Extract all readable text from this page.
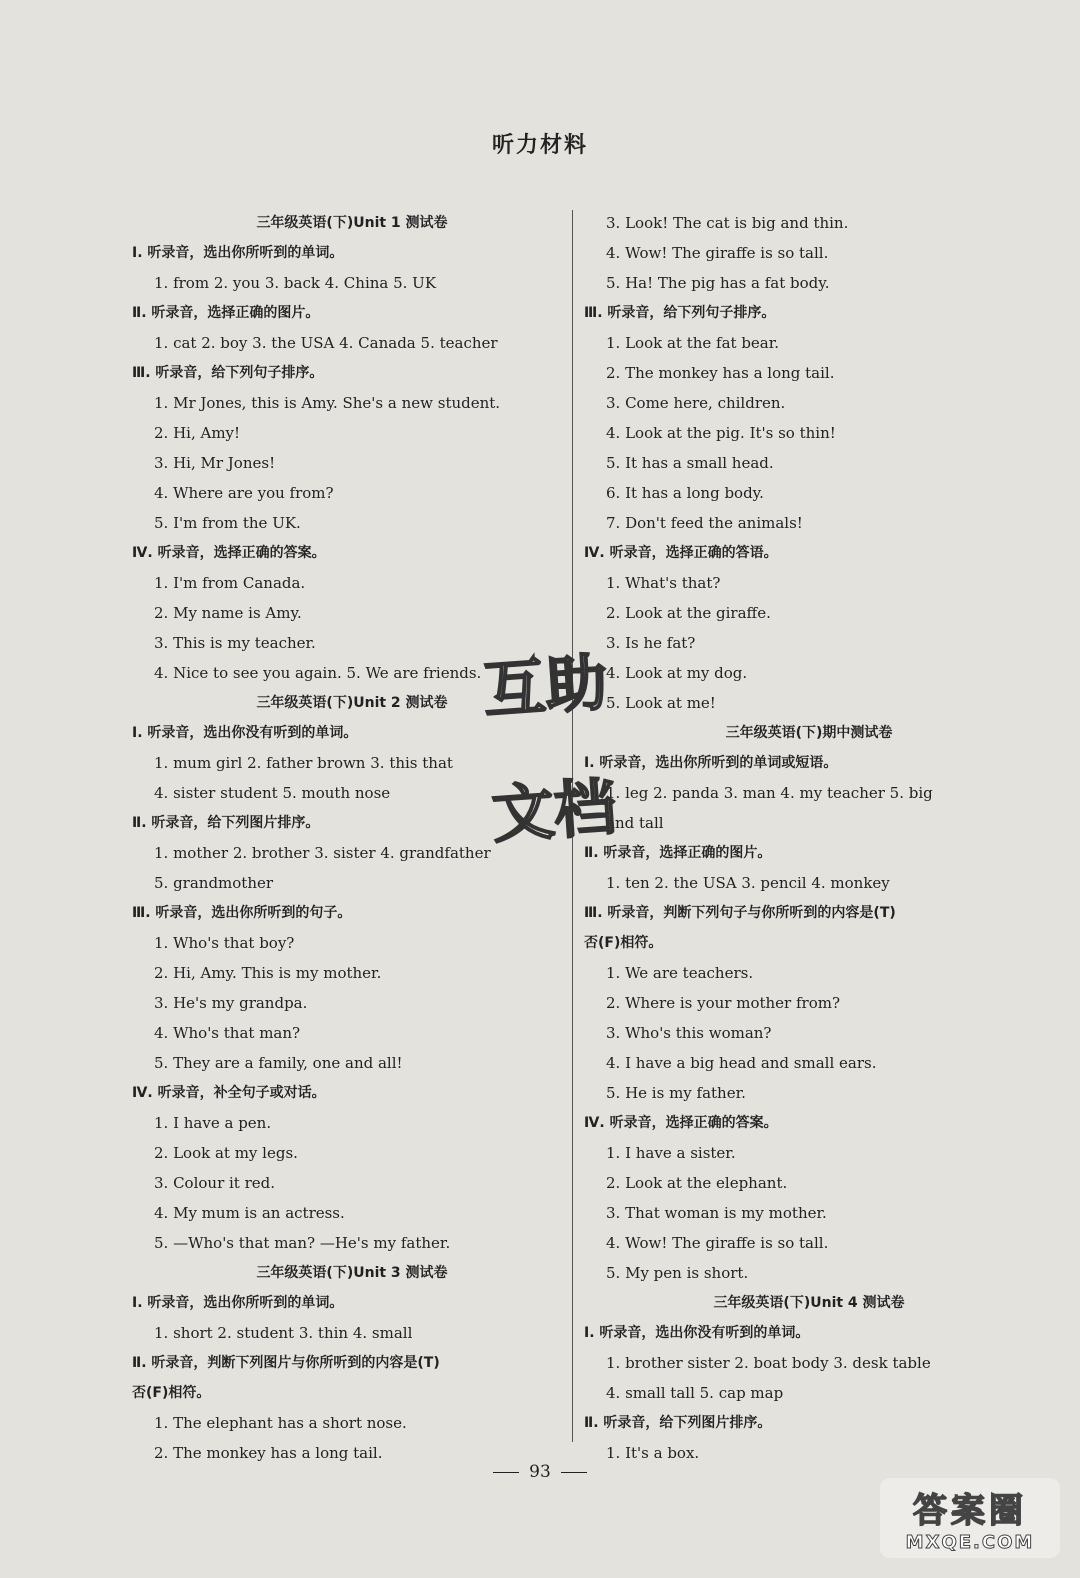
听力材料
三年级英语(下)Unit 1 测试卷
Ⅰ. 听录音，选出你所听到的单词。
1. from 2. you 3. back 4. China 5. UK
Ⅱ. 听录音，选择正确的图片。
1. cat 2. boy 3. the USA 4. Canada 5. teacher
Ⅲ. 听录音，给下列句子排序。
1. Mr Jones, this is Amy. She's a new student.
2. Hi, Amy!
3. Hi, Mr Jones!
4. Where are you from?
5. I'm from the UK.
Ⅳ. 听录音，选择正确的答案。
1. I'm from Canada.
2. My name is Amy.
3. This is my teacher.
4. Nice to see you again. 5. We are friends.
三年级英语(下)Unit 2 测试卷
Ⅰ. 听录音，选出你没有听到的单词。
1. mum girl 2. father brown 3. this that
4. sister student 5. mouth nose
Ⅱ. 听录音，给下列图片排序。
1. mother 2. brother 3. sister 4. grandfather
5. grandmother
Ⅲ. 听录音，选出你所听到的句子。
1. Who's that boy?
2. Hi, Amy. This is my mother.
3. He's my grandpa.
4. Who's that man?
5. They are a family, one and all!
Ⅳ. 听录音，补全句子或对话。
1. I have a pen.
2. Look at my legs.
3. Colour it red.
4. My mum is an actress.
5. —Who's that man? —He's my father.
三年级英语(下)Unit 3 测试卷
Ⅰ. 听录音，选出你所听到的单词。
1. short 2. student 3. thin 4. small
Ⅱ. 听录音，判断下列图片与你所听到的内容是(T)
否(F)相符。
1. The elephant has a short nose.
2. The monkey has a long tail.
3. Look! The cat is big and thin.
4. Wow! The giraffe is so tall.
5. Ha! The pig has a fat body.
Ⅲ. 听录音，给下列句子排序。
1. Look at the fat bear.
2. The monkey has a long tail.
3. Come here, children.
4. Look at the pig. It's so thin!
5. It has a small head.
6. It has a long body.
7. Don't feed the animals!
Ⅳ. 听录音，选择正确的答语。
1. What's that?
2. Look at the giraffe.
3. Is he fat?
4. Look at my dog.
5. Look at me!
三年级英语(下)期中测试卷
Ⅰ. 听录音，选出你所听到的单词或短语。
1. leg 2. panda 3. man 4. my teacher 5. big
and tall
Ⅱ. 听录音，选择正确的图片。
1. ten 2. the USA 3. pencil 4. monkey
Ⅲ. 听录音，判断下列句子与你所听到的内容是(T)
否(F)相符。
1. We are teachers.
2. Where is your mother from?
3. Who's this woman?
4. I have a big head and small ears.
5. He is my father.
Ⅳ. 听录音，选择正确的答案。
1. I have a sister.
2. Look at the elephant.
3. That woman is my mother.
4. Wow! The giraffe is so tall.
5. My pen is short.
三年级英语(下)Unit 4 测试卷
Ⅰ. 听录音，选出你没有听到的单词。
1. brother sister 2. boat body 3. desk table
4. small tall 5. cap map
Ⅱ. 听录音，给下列图片排序。
1. It's a box.
互
助
文
档
93
答案圈
MXQE.COM
